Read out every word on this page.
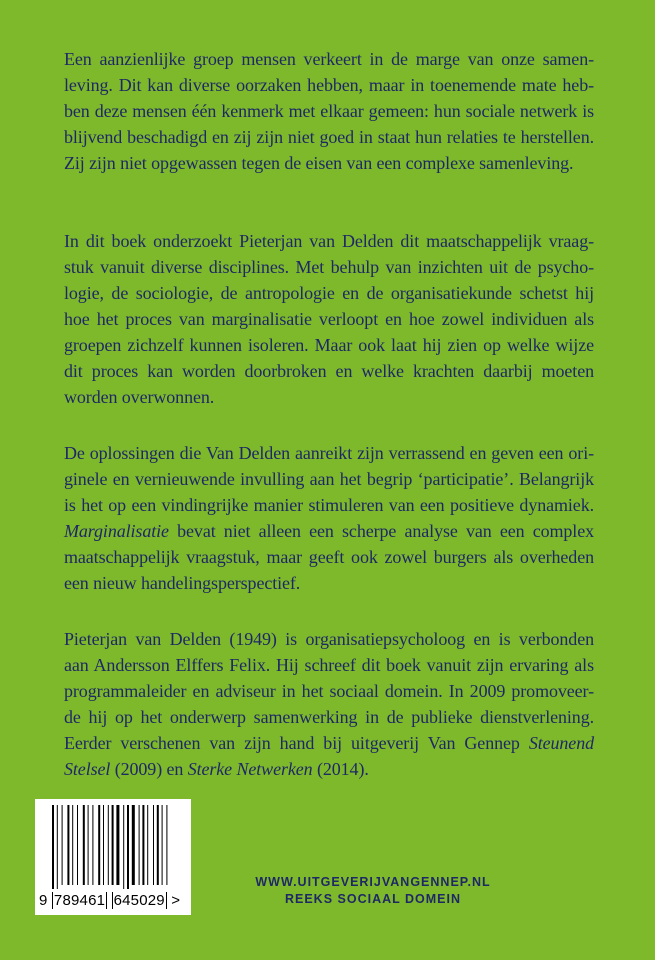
Een aanzienlijke groep mensen verkeert in de marge van onze samen-
leving. Dit kan diverse oorzaken hebben, maar in toenemende mate heb-
ben deze mensen één kenmerk met elkaar gemeen: hun sociale netwerk is
blijvend beschadigd en zij zijn niet goed in staat hun relaties te herstellen.
Zij zijn niet opgewassen tegen de eisen van een complexe samenleving.
In dit boek onderzoekt Pieterjan van Delden dit maatschappelijk vraag-
stuk vanuit diverse disciplines. Met behulp van inzichten uit de psycho-
logie, de sociologie, de antropologie en de organisatiekunde schetst hij
hoe het proces van marginalisatie verloopt en hoe zowel individuen als
groepen zichzelf kunnen isoleren. Maar ook laat hij zien op welke wijze
dit proces kan worden doorbroken en welke krachten daarbij moeten
worden overwonnen.
De oplossingen die Van Delden aanreikt zijn verrassend en geven een ori-
ginele en vernieuwende invulling aan het begrip ‘participatie’. Belangrijk
is het op een vindingrijke manier stimuleren van een positieve dynamiek.
Marginalisatie bevat niet alleen een scherpe analyse van een complex
maatschappelijk vraagstuk, maar geeft ook zowel burgers als overheden
een nieuw handelingsperspectief.
Pieterjan van Delden (1949) is organisatiepsycholoog en is verbonden
aan Andersson Elffers Felix. Hij schreef dit boek vanuit zijn ervaring als
programmaleider en adviseur in het sociaal domein. In 2009 promoveer-
de hij op het onderwerp samenwerking in de publieke dienstverlening.
Eerder verschenen van zijn hand bij uitgeverij Van Gennep Steunend
Stelsel (2009) en Sterke Netwerken (2014).
9 789461 645029 >
WWW.UITGEVERIJVANGENNEP.NL
REEKS SOCIAAL DOMEIN
